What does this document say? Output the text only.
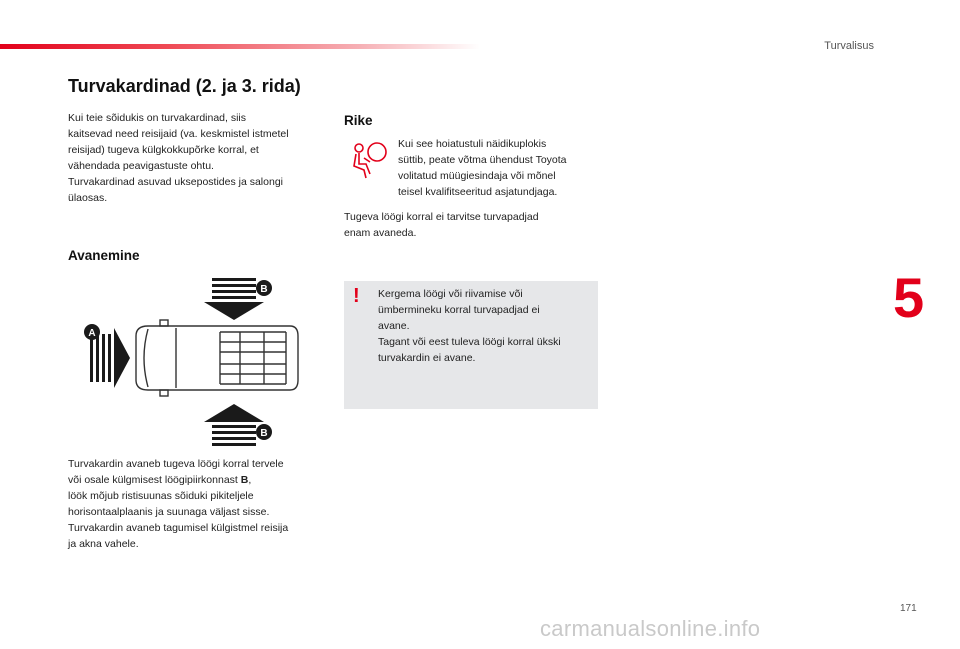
Turvalisus
Turvakardinad (2. ja 3. rida)

Kui teie sõidukis on turvakardinad, siis
kaitsevad need reisijaid (va. keskmistel istmetel
reisijad) tugeva külgkokkupõrke korral, et
vähendada peavigastuste ohtu.
Turvakardinad asuvad uksepostides ja salongi
ülaosas.

Avanemine
A
B
B

Turvakardin avaneb tugeva löögi korral tervele
või osale külgmisest löögipiirkonnast B,
löök mõjub ristisuunas sõiduki pikiteljele
horisontaalplaanis ja suunaga väljast sisse.
Turvakardin avaneb tagumisel külgistmel reisija
ja akna vahele.

Rike

Kui see hoiatustuli näidikuplokis
süttib, peate võtma ühendust Toyota
volitatud müügiesindaja või mõnel
teisel kvalifitseeritud asjatundjaga.

Tugeva löögi korral ei tarvitse turvapadjad
enam avaneda.

! Kergema löögi või riivamise või
ümbermineku korral turvapadjad ei
avane.
Tagant või eest tuleva löögi korral ükski
turvakardin ei avane.

5
171
carmanualsonline.info
